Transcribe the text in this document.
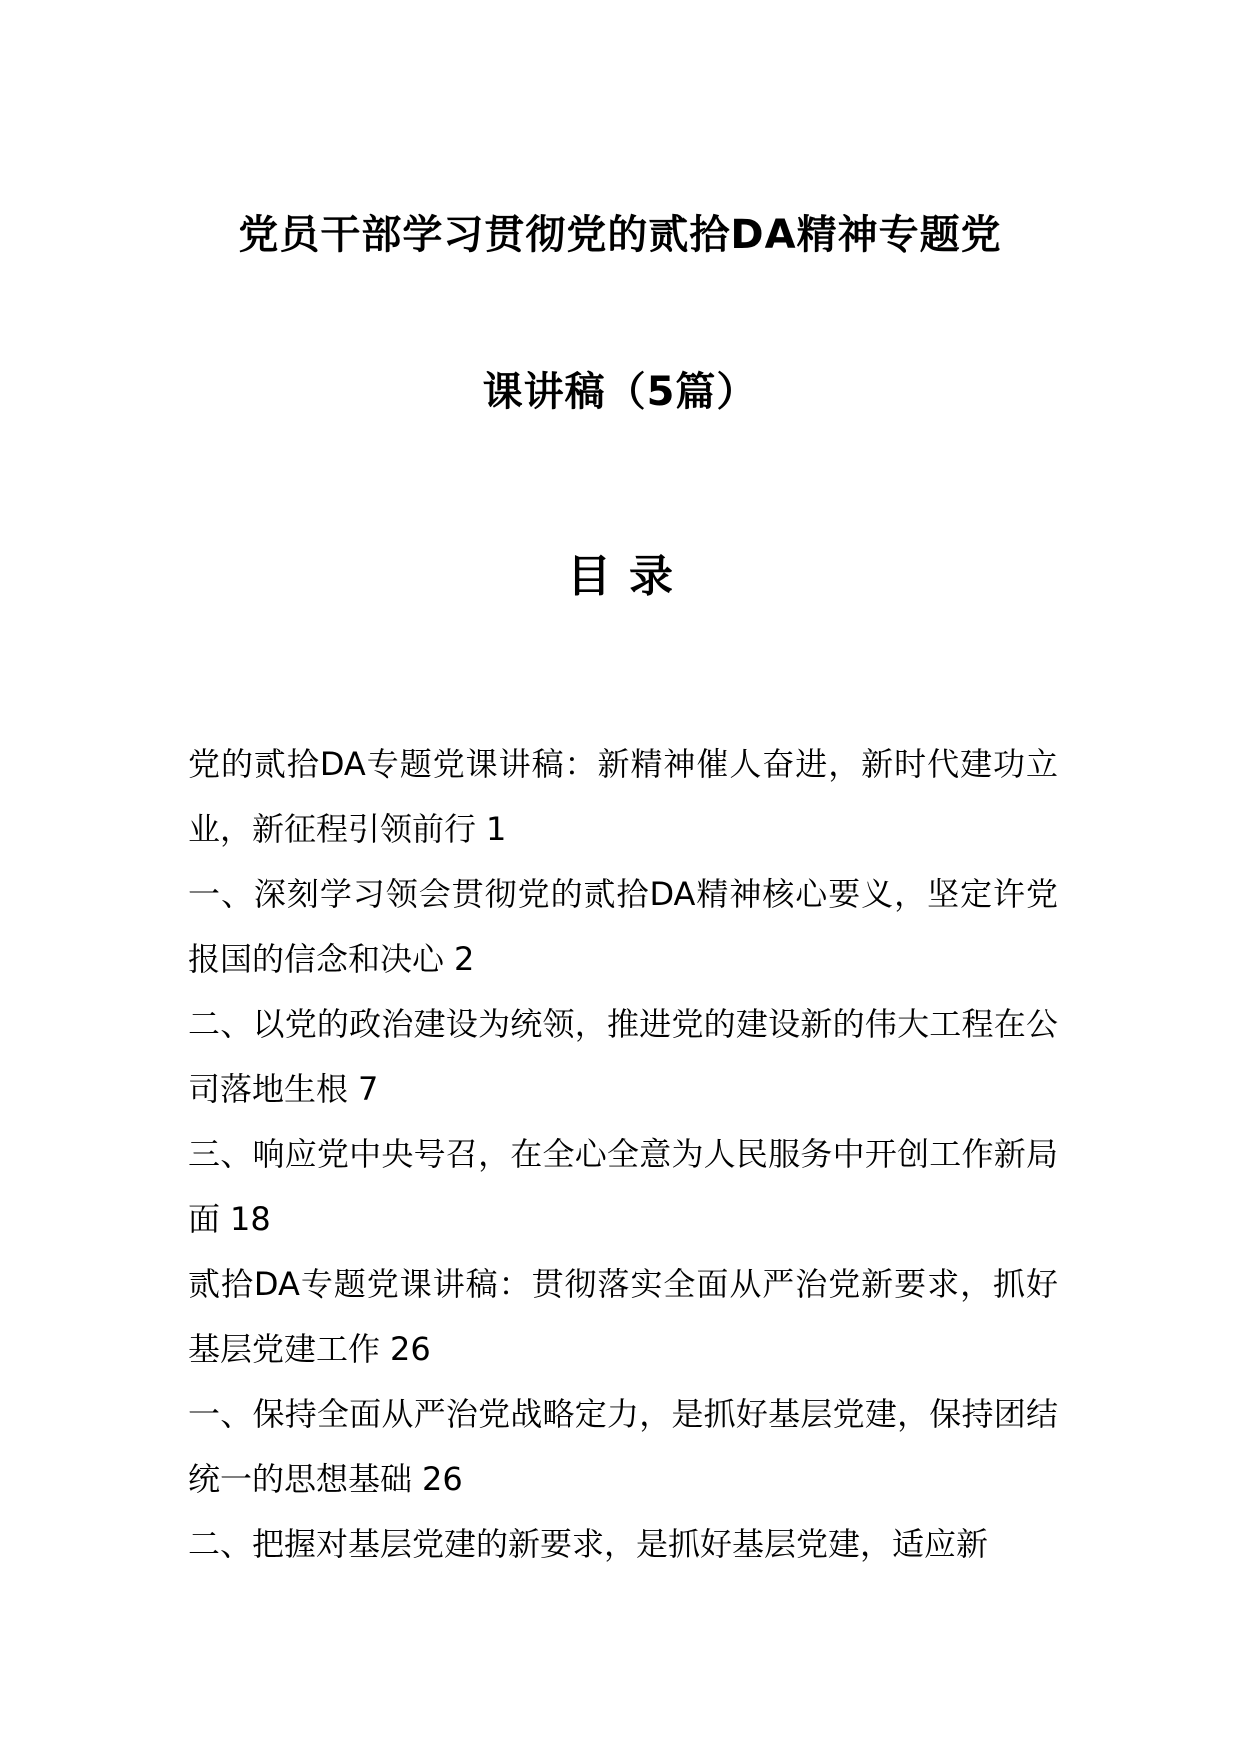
党员干部学习贯彻党的贰拾DA精神专题党
课讲稿（5篇）
目录
党的贰拾DA专题党课讲稿：新精神催人奋进，新时代建功立业，新征程引领前行 1
一、深刻学习领会贯彻党的贰拾DA精神核心要义，坚定许党报国的信念和决心 2
二、以党的政治建设为统领，推进党的建设新的伟大工程在公司落地生根 7
三、响应党中央号召，在全心全意为人民服务中开创工作新局面 18
贰拾DA专题党课讲稿：贯彻落实全面从严治党新要求，抓好基层党建工作 26
一、保持全面从严治党战略定力，是抓好基层党建，保持团结统一的思想基础 26
二、把握对基层党建的新要求，是抓好基层党建，适应新
